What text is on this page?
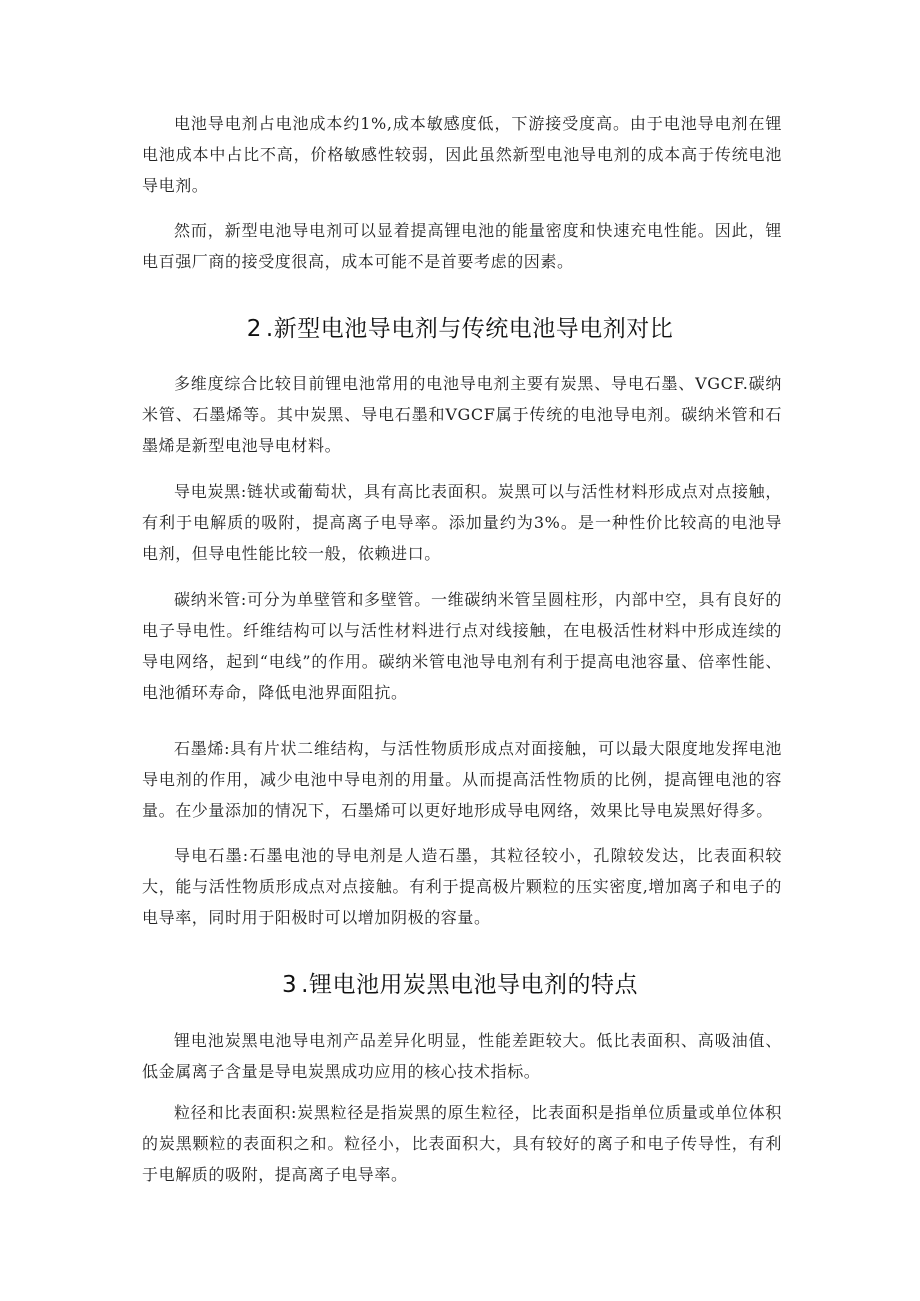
电池导电剂占电池成本约1%,成本敏感度低，下游接受度高。由于电池导电剂在锂电池成本中占比不高，价格敏感性较弱，因此虽然新型电池导电剂的成本高于传统电池导电剂。

然而，新型电池导电剂可以显着提高锂电池的能量密度和快速充电性能。因此，锂电百强厂商的接受度很高，成本可能不是首要考虑的因素。

2 .新型电池导电剂与传统电池导电剂对比

多维度综合比较目前锂电池常用的电池导电剂主要有炭黑、导电石墨、VGCF.碳纳米管、石墨烯等。其中炭黑、导电石墨和VGCF属于传统的电池导电剂。碳纳米管和石墨烯是新型电池导电材料。

导电炭黑:链状或葡萄状，具有高比表面积。炭黑可以与活性材料形成点对点接触，有利于电解质的吸附，提高离子电导率。添加量约为3%。是一种性价比较高的电池导电剂，但导电性能比较一般，依赖进口。

碳纳米管:可分为单壁管和多壁管。一维碳纳米管呈圆柱形，内部中空，具有良好的电子导电性。纤维结构可以与活性材料进行点对线接触，在电极活性材料中形成连续的导电网络，起到“电线”的作用。碳纳米管电池导电剂有利于提高电池容量、倍率性能、电池循环寿命，降低电池界面阻抗。

石墨烯:具有片状二维结构，与活性物质形成点对面接触，可以最大限度地发挥电池导电剂的作用，减少电池中导电剂的用量。从而提高活性物质的比例，提高锂电池的容量。在少量添加的情况下，石墨烯可以更好地形成导电网络，效果比导电炭黑好得多。

导电石墨:石墨电池的导电剂是人造石墨，其粒径较小，孔隙较发达，比表面积较大，能与活性物质形成点对点接触。有利于提高极片颗粒的压实密度,增加离子和电子的电导率，同时用于阳极时可以增加阴极的容量。

3 .锂电池用炭黑电池导电剂的特点

锂电池炭黑电池导电剂产品差异化明显，性能差距较大。低比表面积、高吸油值、低金属离子含量是导电炭黑成功应用的核心技术指标。

粒径和比表面积:炭黑粒径是指炭黑的原生粒径，比表面积是指单位质量或单位体积的炭黑颗粒的表面积之和。粒径小，比表面积大，具有较好的离子和电子传导性，有利于电解质的吸附，提高离子电导率。
